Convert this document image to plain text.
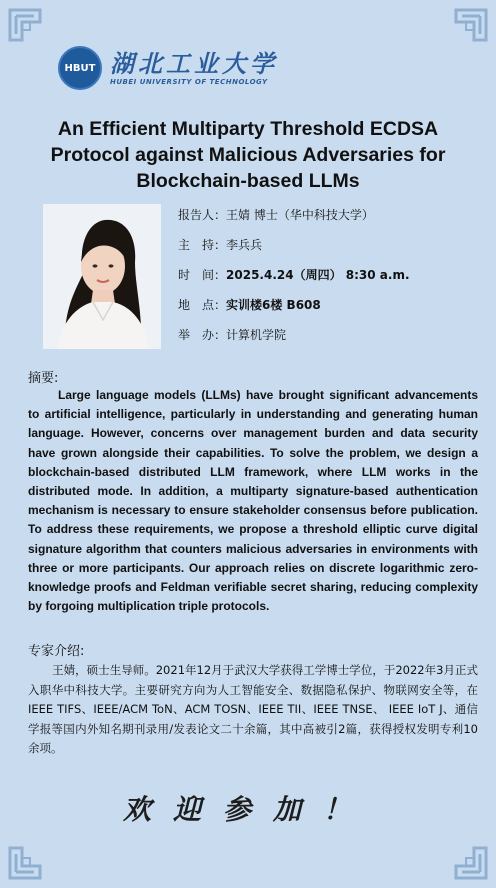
HBUT 湖北工业大学
HUBEI UNIVERSITY OF TECHNOLOGY
An Efficient Multiparty Threshold ECDSA Protocol against Malicious Adversaries for Blockchain-based LLMs
报告人：王婧 博士（华中科技大学）
主　持：李兵兵
时　间：2025.4.24（周四） 8:30 a.m.
地　点：实训楼6楼 B608
举　办：计算机学院
摘要:
Large language models (LLMs) have brought significant advancements to artificial intelligence, particularly in understanding and generating human language. However, concerns over management burden and data security have grown alongside their capabilities. To solve the problem, we design a blockchain-based distributed LLM framework, where LLM works in the distributed mode. In addition, a multiparty signature-based authentication mechanism is necessary to ensure stakeholder consensus before publication. To address these requirements, we propose a threshold elliptic curve digital signature algorithm that counters malicious adversaries in environments with three or more participants. Our approach relies on discrete logarithmic zero-knowledge proofs and Feldman verifiable secret sharing, reducing complexity by forgoing multiplication triple protocols.
专家介绍:
王婧，硕士生导师。2021年12月于武汉大学获得工学博士学位，于2022年3月正式入职华中科技大学。主要研究方向为人工智能安全、数据隐私保护、物联网安全等，在IEEE TIFS、IEEE/ACM ToN、ACM TOSN、IEEE TII、IEEE TNSE、 IEEE IoT J、通信学报等国内外知名期刊录用/发表论文二十余篇，其中高被引2篇，获得授权发明专利10余项。
欢迎参加！
